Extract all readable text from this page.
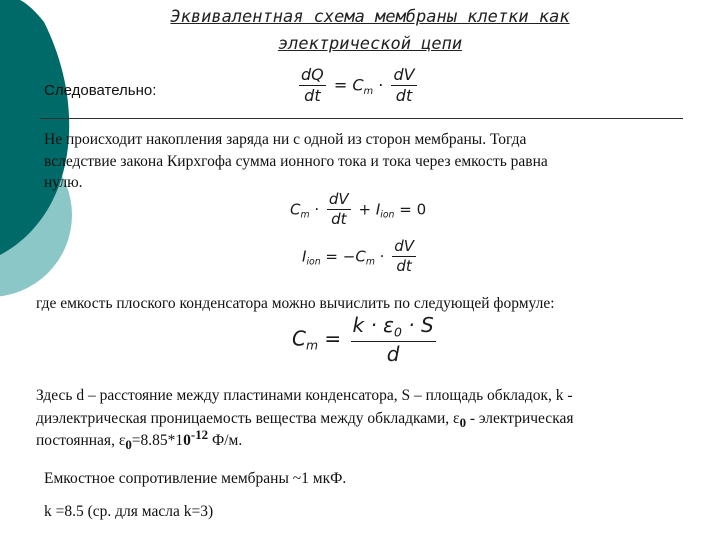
Эквивалентная схема мембраны клетки как
электрической цепи
Следовательно:	$\frac{dQ}{dt} = C_m \cdot \frac{dV}{dt}$
Не происходит накопления заряда ни с одной из сторон мембраны. Тогда
вследствие закона Кирхгофа сумма ионного тока и тока через емкость равна
нулю.
$C_m \cdot \frac{dV}{dt} + I_{ion} = 0$
$I_{ion} = -C_m \cdot \frac{dV}{dt}$
где емкость плоского конденсатора можно вычислить по следующей формуле:
$C_m = \frac{k \cdot \varepsilon_0 \cdot S}{d}$
Здесь d – расстояние между пластинами конденсатора, S – площадь обкладок, k -
диэлектрическая проницаемость вещества между обкладками, $\varepsilon_0$ - электрическая
постоянная, $\varepsilon_0=8.85*10^{-12}$ Ф/м.
Емкостное сопротивление мембраны ~1 мкФ.
k =8.5 (ср. для масла k=3)
